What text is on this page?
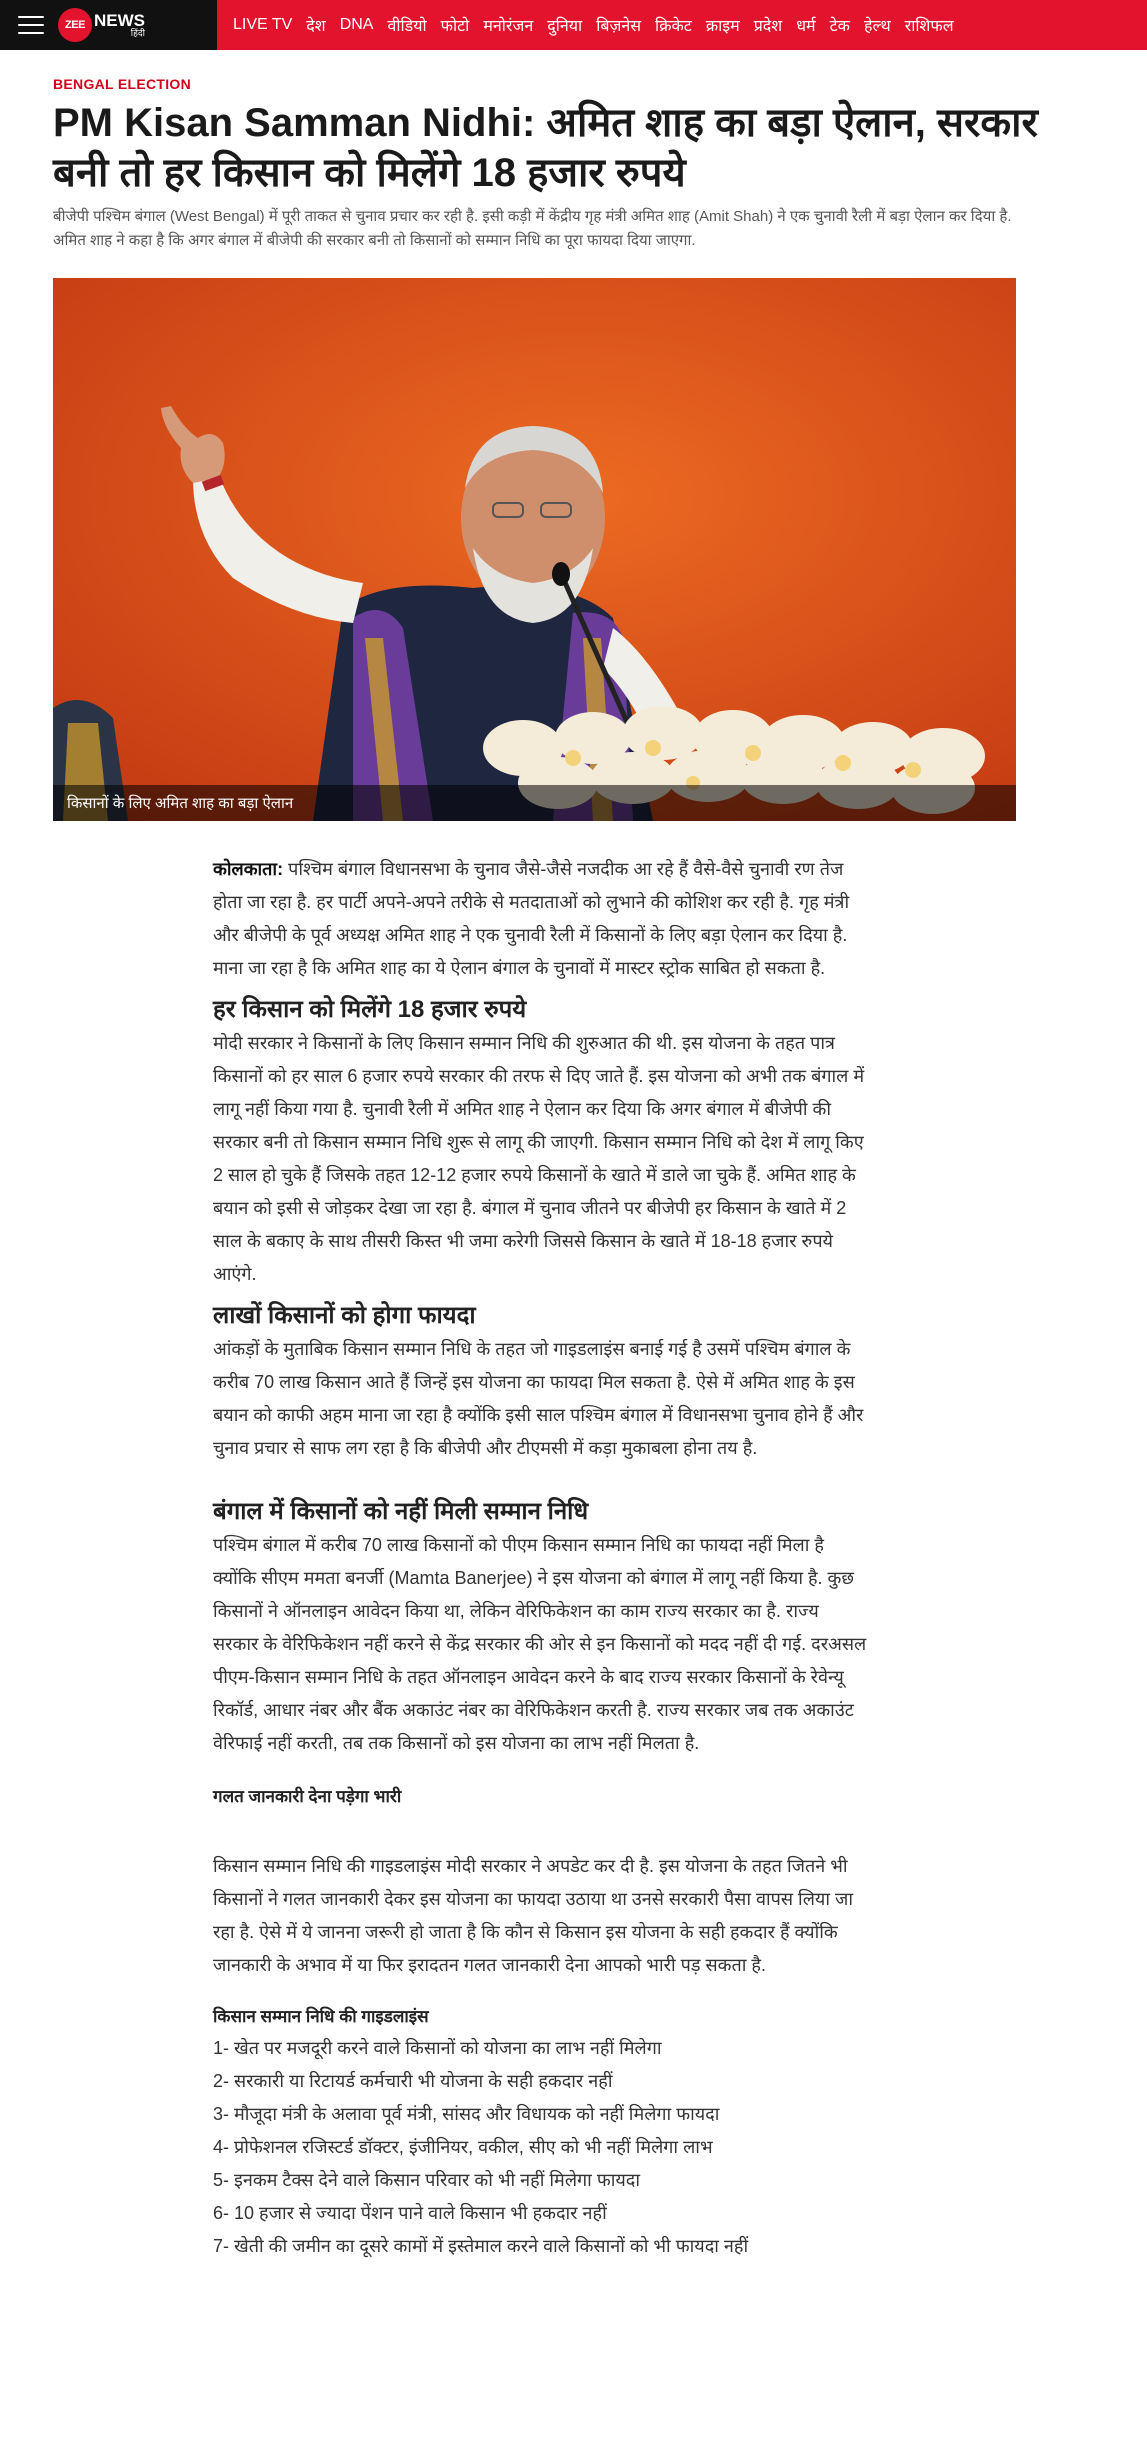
ZEE NEWS
हिंदी	LIVE TV देश DNA वीडियो फोटो मनोरंजन दुनिया बिज़नेस क्रिकेट क्राइम प्रदेश धर्म टेक हेल्थ राशिफल
BENGAL ELECTION
PM Kisan Samman Nidhi: अमित शाह का बड़ा ऐलान, सरकार बनी तो हर किसान को मिलेंगे 18 हजार रुपये

बीजेपी पश्चिम बंगाल (West Bengal) में पूरी ताकत से चुनाव प्रचार कर रही है. इसी कड़ी में केंद्रीय गृह मंत्री अमित शाह (Amit Shah) ने एक चुनावी रैली में बड़ा ऐलान कर दिया है. अमित शाह ने कहा है कि अगर बंगाल में बीजेपी की सरकार बनी तो किसानों को सम्मान निधि का पूरा फायदा दिया जाएगा.

किसानों के लिए अमित शाह का बड़ा ऐलान

कोलकाता: पश्चिम बंगाल विधानसभा के चुनाव जैसे-जैसे नजदीक आ रहे हैं वैसे-वैसे चुनावी रण तेज होता जा रहा है. हर पार्टी अपने-अपने तरीके से मतदाताओं को लुभाने की कोशिश कर रही है. गृह मंत्री और बीजेपी के पूर्व अध्यक्ष अमित शाह ने एक चुनावी रैली में किसानों के लिए बड़ा ऐलान कर दिया है. माना जा रहा है कि अमित शाह का ये ऐलान बंगाल के चुनावों में मास्टर स्ट्रोक साबित हो सकता है.

हर किसान को मिलेंगे 18 हजार रुपये

मोदी सरकार ने किसानों के लिए किसान सम्मान निधि की शुरुआत की थी. इस योजना के तहत पात्र किसानों को हर साल 6 हजार रुपये सरकार की तरफ से दिए जाते हैं. इस योजना को अभी तक बंगाल में लागू नहीं किया गया है. चुनावी रैली में अमित शाह ने ऐलान कर दिया कि अगर बंगाल में बीजेपी की सरकार बनी तो किसान सम्मान निधि शुरू से लागू की जाएगी. किसान सम्मान निधि को देश में लागू किए 2 साल हो चुके हैं जिसके तहत 12-12 हजार रुपये किसानों के खाते में डाले जा चुके हैं. अमित शाह के बयान को इसी से जोड़कर देखा जा रहा है. बंगाल में चुनाव जीतने पर बीजेपी हर किसान के खाते में 2 साल के बकाए के साथ तीसरी किस्त भी जमा करेगी जिससे किसान के खाते में 18-18 हजार रुपये आएंगे.

लाखों किसानों को होगा फायदा

आंकड़ों के मुताबिक किसान सम्मान निधि के तहत जो गाइडलाइंस बनाई गई है उसमें पश्चिम बंगाल के करीब 70 लाख किसान आते हैं जिन्हें इस योजना का फायदा मिल सकता है. ऐसे में अमित शाह के इस बयान को काफी अहम माना जा रहा है क्योंकि इसी साल पश्चिम बंगाल में विधानसभा चुनाव होने हैं और चुनाव प्रचार से साफ लग रहा है कि बीजेपी और टीएमसी में कड़ा मुकाबला होना तय है.

बंगाल में किसानों को नहीं मिली सम्मान निधि

पश्चिम बंगाल में करीब 70 लाख किसानों को पीएम किसान सम्मान निधि का फायदा नहीं मिला है क्योंकि सीएम ममता बनर्जी (Mamta Banerjee) ने इस योजना को बंगाल में लागू नहीं किया है. कुछ किसानों ने ऑनलाइन आवेदन किया था, लेकिन वेरिफिकेशन का काम राज्य सरकार का है. राज्य सरकार के वेरिफिकेशन नहीं करने से केंद्र सरकार की ओर से इन किसानों को मदद नहीं दी गई. दरअसल पीएम-किसान सम्मान निधि के तहत ऑनलाइन आवेदन करने के बाद राज्य सरकार किसानों के रेवेन्यू रिकॉर्ड, आधार नंबर और बैंक अकाउंट नंबर का वेरिफिकेशन करती है. राज्य सरकार जब तक अकाउंट वेरिफाई नहीं करती, तब तक किसानों को इस योजना का लाभ नहीं मिलता है.

गलत जानकारी देना पड़ेगा भारी

किसान सम्मान निधि की गाइडलाइंस मोदी सरकार ने अपडेट कर दी है. इस योजना के तहत जितने भी किसानों ने गलत जानकारी देकर इस योजना का फायदा उठाया था उनसे सरकारी पैसा वापस लिया जा रहा है. ऐसे में ये जानना जरूरी हो जाता है कि कौन से किसान इस योजना के सही हकदार हैं क्योंकि जानकारी के अभाव में या फिर इरादतन गलत जानकारी देना आपको भारी पड़ सकता है.

किसान सम्मान निधि की गाइडलाइंस
1- खेत पर मजदूरी करने वाले किसानों को योजना का लाभ नहीं मिलेगा
2- सरकारी या रिटायर्ड कर्मचारी भी योजना के सही हकदार नहीं
3- मौजूदा मंत्री के अलावा पूर्व मंत्री, सांसद और विधायक को नहीं मिलेगा फायदा
4- प्रोफेशनल रजिस्टर्ड डॉक्टर, इंजीनियर, वकील, सीए को भी नहीं मिलेगा लाभ
5- इनकम टैक्स देने वाले किसान परिवार को भी नहीं मिलेगा फायदा
6- 10 हजार से ज्यादा पेंशन पाने वाले किसान भी हकदार नहीं
7- खेती की जमीन का दूसरे कामों में इस्तेमाल करने वाले किसानों को भी फायदा नहीं
